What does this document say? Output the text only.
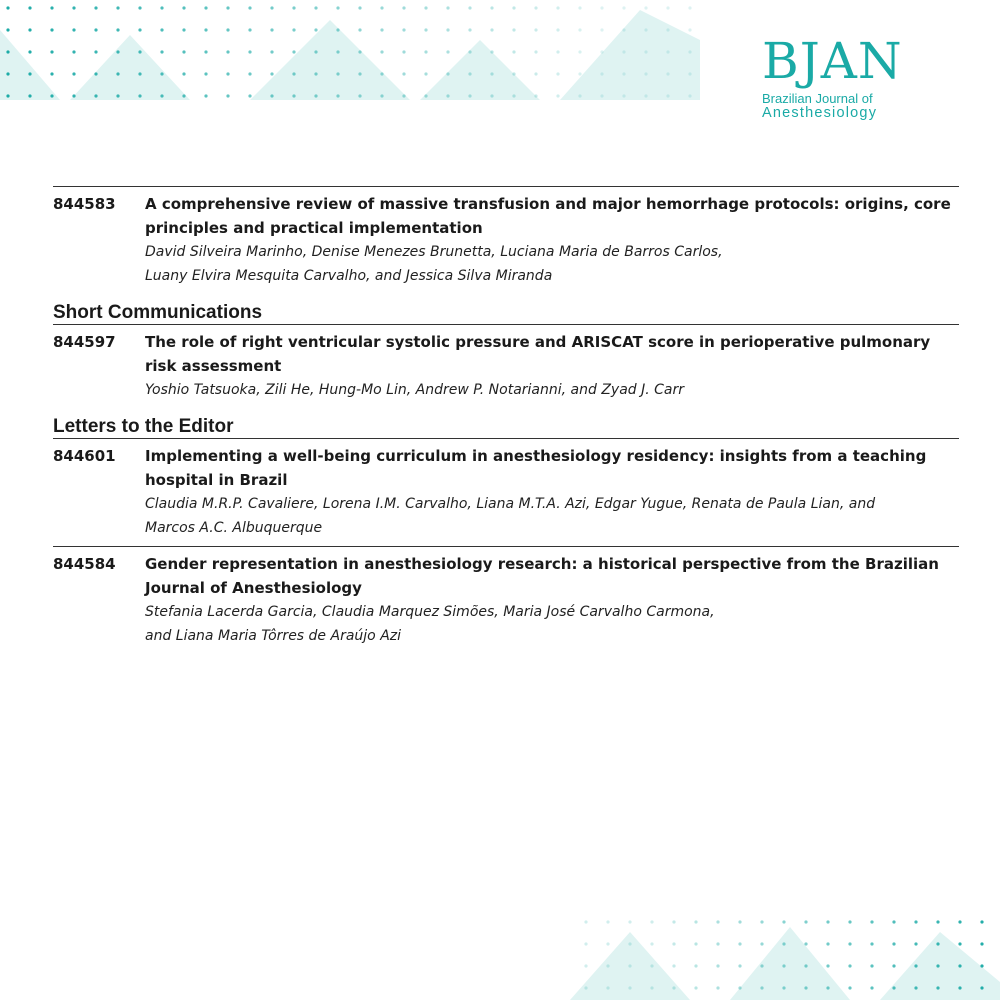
BJAN
Brazilian Journal of
Anesthesiology
844583	A comprehensive review of massive transfusion and major hemorrhage protocols: origins, core principles and practical implementation
David Silveira Marinho, Denise Menezes Brunetta, Luciana Maria de Barros Carlos,
Luany Elvira Mesquita Carvalho, and Jessica Silva Miranda
Short Communications
844597	The role of right ventricular systolic pressure and ARISCAT score in perioperative pulmonary risk assessment
Yoshio Tatsuoka, Zili He, Hung-Mo Lin, Andrew P. Notarianni, and Zyad J. Carr
Letters to the Editor
844601	Implementing a well-being curriculum in anesthesiology residency: insights from a teaching hospital in Brazil
Claudia M.R.P. Cavaliere, Lorena I.M. Carvalho, Liana M.T.A. Azi, Edgar Yugue, Renata de Paula Lian, and
Marcos A.C. Albuquerque
844584	Gender representation in anesthesiology research: a historical perspective from the Brazilian Journal of Anesthesiology
Stefania Lacerda Garcia, Claudia Marquez Simões, Maria José Carvalho Carmona,
and Liana Maria Tôrres de Araújo Azi
